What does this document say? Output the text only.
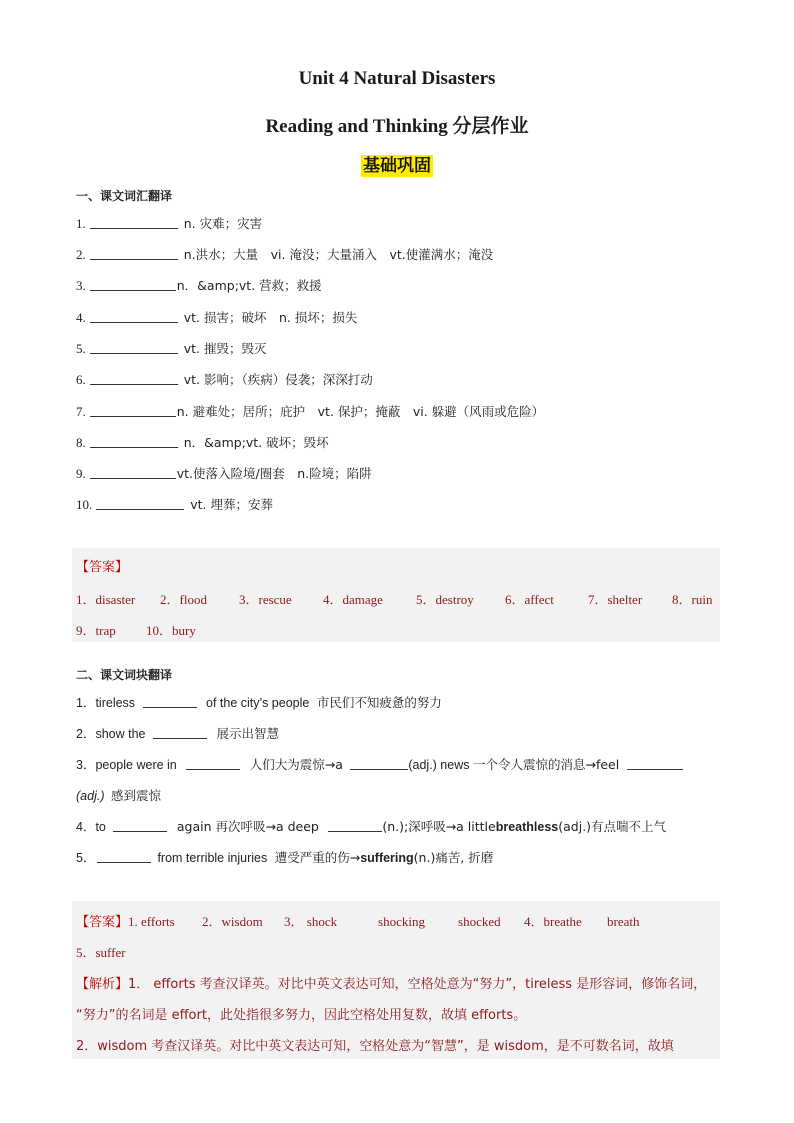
Unit 4 Natural Disasters
Reading and Thinking 分层作业
基础巩固
一、课文词汇翻译
1.	n. 灾难；灾害
2.	n.洪水；大量　vi. 淹没；大量涌入　vt.使灌满水；淹没
3.	n．&amp;vt. 营救；救援
4.	vt. 损害；破坏　n. 损坏；损失
5.	vt. 摧毁；毁灭
6.	vt. 影响；（疾病）侵袭；深深打动
7.	n. 避难处；居所；庇护　vt. 保护；掩蔽　vi. 躲避（风雨或危险）
8.	n．&amp;vt. 破坏；毁坏
9.	vt.使落入险境/圈套　n.险境；陷阱
10.	vt. 埋葬；安葬
【答案】
1．disaster 2．flood 3．rescue 4．damage	5．destroy 6．affect	7．shelter 8．ruin
9．trap 10．bury
二、课文词块翻译
1．tireless	of the city’s people 市民们不知疲惫的努力
2．show the	展示出智慧
3．people were in	人们大为震惊→a	(adj.) news 一个令人震惊的消息→feel
(adj.) 感到震惊
4．to	again 再次呼吸→a deep	(n.);深呼吸→a littlebreathless(adj.)有点喘不上气
5．	from terrible injuries 遭受严重的伤→suffering(n.)痛苦, 折磨
【答案】1. efforts 2．wisdom 3． shock	shocking	shocked 4．breathe breath
5．suffer
【解析】1． efforts 考查汉译英。对比中英文表达可知，空格处意为“努力”，tireless 是形容词，修饰名词，
“努力”的名词是 effort，此处指很多努力，因此空格处用复数，故填 efforts。
2．wisdom 考查汉译英。对比中英文表达可知，空格处意为“智慧”，是 wisdom，是不可数名词，故填
